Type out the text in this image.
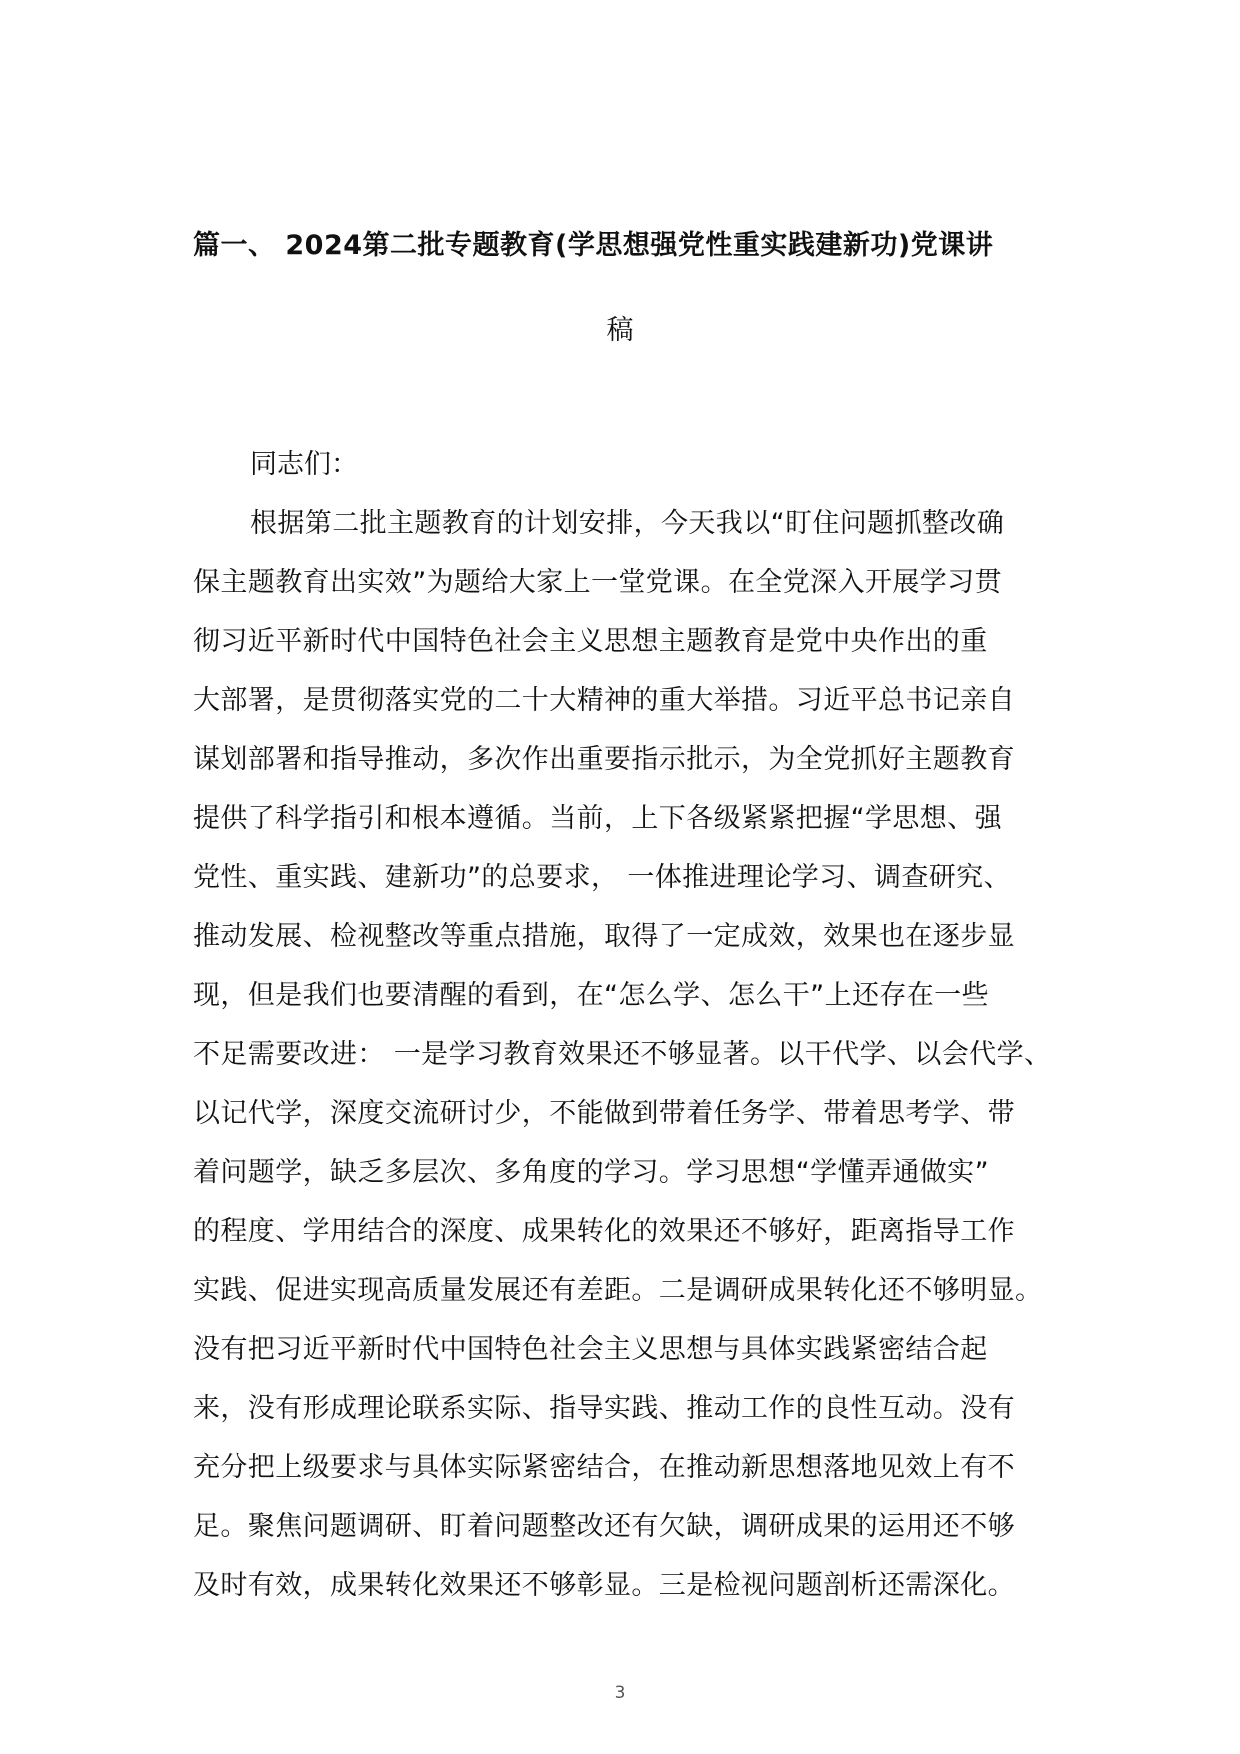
篇一、 2024第二批专题教育(学思想强党性重实践建新功)党课讲
稿
同志们：
根据第二批主题教育的计划安排，今天我以“盯住问题抓整改确
保主题教育出实效”为题给大家上一堂党课。在全党深入开展学习贯
彻习近平新时代中国特色社会主义思想主题教育是党中央作出的重
大部署，是贯彻落实党的二十大精神的重大举措。习近平总书记亲自
谋划部署和指导推动，多次作出重要指示批示，为全党抓好主题教育
提供了科学指引和根本遵循。当前，上下各级紧紧把握“学思想、强
党性、重实践、建新功”的总要求， 一体推进理论学习、调查研究、
推动发展、检视整改等重点措施，取得了一定成效，效果也在逐步显
现，但是我们也要清醒的看到，在“怎么学、怎么干”上还存在一些
不足需要改进： 一是学习教育效果还不够显著。以干代学、以会代学、
以记代学，深度交流研讨少，不能做到带着任务学、带着思考学、带
着问题学，缺乏多层次、多角度的学习。学习思想“学懂弄通做实”
的程度、学用结合的深度、成果转化的效果还不够好，距离指导工作
实践、促进实现高质量发展还有差距。二是调研成果转化还不够明显。
没有把习近平新时代中国特色社会主义思想与具体实践紧密结合起
来，没有形成理论联系实际、指导实践、推动工作的良性互动。没有
充分把上级要求与具体实际紧密结合，在推动新思想落地见效上有不
足。聚焦问题调研、盯着问题整改还有欠缺，调研成果的运用还不够
及时有效，成果转化效果还不够彰显。三是检视问题剖析还需深化。
3
